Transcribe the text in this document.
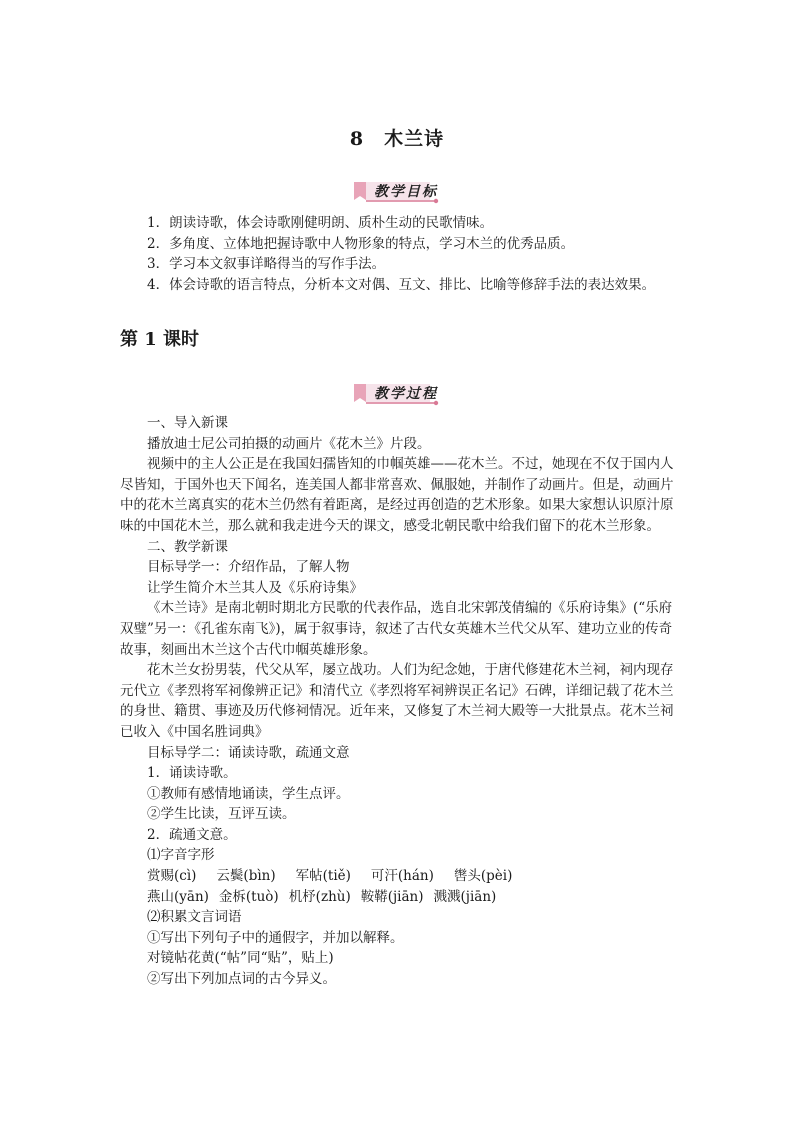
8　木兰诗
教学目标

1．朗读诗歌，体会诗歌刚健明朗、质朴生动的民歌情味。

2．多角度、立体地把握诗歌中人物形象的特点，学习木兰的优秀品质。

3．学习本文叙事详略得当的写作手法。

4．体会诗歌的语言特点，分析本文对偶、互文、排比、比喻等修辞手法的表达效果。

第 1 课时
教学过程

一、导入新课

播放迪士尼公司拍摄的动画片《花木兰》片段。

视频中的主人公正是在我国妇孺皆知的巾帼英雄——花木兰。不过，她现在不仅于国内人尽皆知，于国外也天下闻名，连美国人都非常喜欢、佩服她，并制作了动画片。但是，动画片中的花木兰离真实的花木兰仍然有着距离，是经过再创造的艺术形象。如果大家想认识原汁原味的中国花木兰，那么就和我走进今天的课文，感受北朝民歌中给我们留下的花木兰形象。

二、教学新课

目标导学一：介绍作品，了解人物

让学生简介木兰其人及《乐府诗集》

《木兰诗》是南北朝时期北方民歌的代表作品，选自北宋郭茂倩编的《乐府诗集》(“乐府双璧”另一：《孔雀东南飞》)，属于叙事诗，叙述了古代女英雄木兰代父从军、建功立业的传奇故事，刻画出木兰这个古代巾帼英雄形象。

花木兰女扮男装，代父从军，屡立战功。人们为纪念她，于唐代修建花木兰祠，祠内现存元代立《孝烈将军祠像辨正记》和清代立《孝烈将军祠辨误正名记》石碑，详细记载了花木兰的身世、籍贯、事迹及历代修祠情况。近年来，又修复了木兰祠大殿等一大批景点。花木兰祠已收入《中国名胜词典》

目标导学二：诵读诗歌，疏通文意

1．诵读诗歌。

①教师有感情地诵读，学生点评。

②学生比读，互评互读。

2．疏通文意。

⑴字音字形

赏赐(cì) 云鬓(bìn) 军帖(tiě) 可汗(hán) 辔头(pèi)

燕山(yān) 金柝(tuò) 机杼(zhù) 鞍鞯(jiān) 溅溅(jiān)

⑵积累文言词语

①写出下列句子中的通假字，并加以解释。

对镜帖花黄(“帖”同“贴”，贴上)

②写出下列加点词的古今异义。
